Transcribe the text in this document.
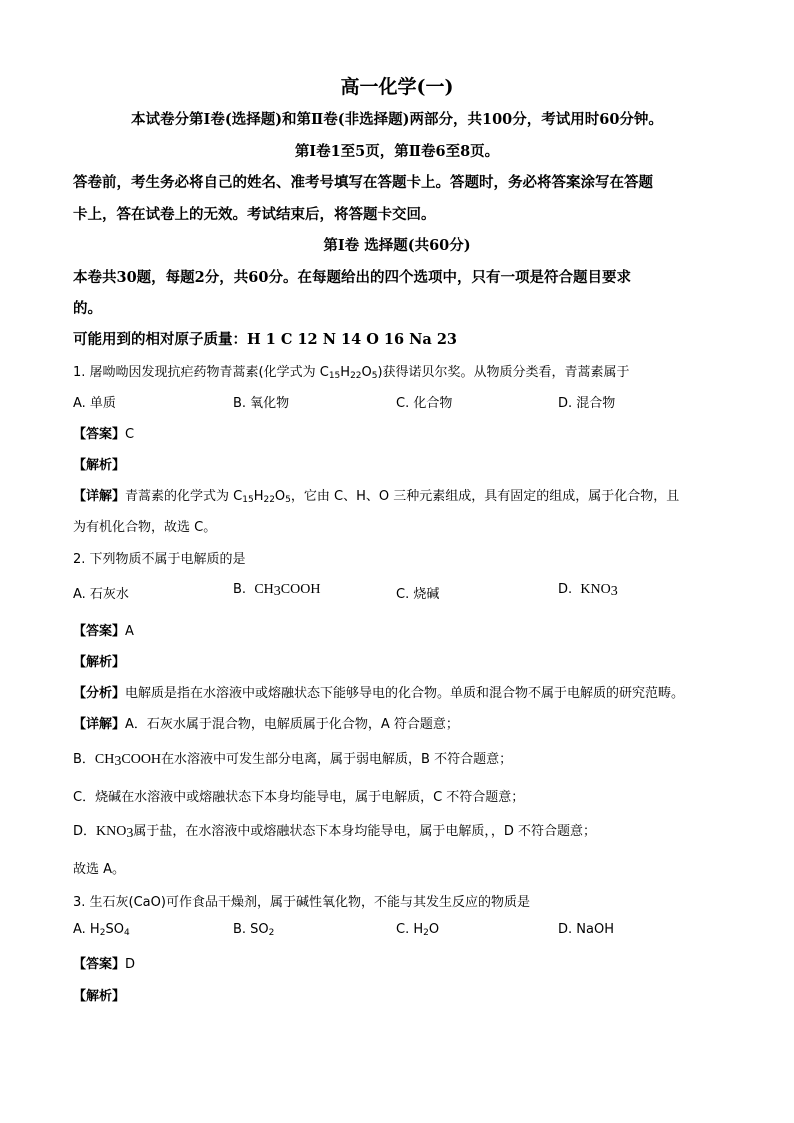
高一化学(一)
本试卷分第Ⅰ卷(选择题)和第Ⅱ卷(非选择题)两部分，共100分，考试用时60分钟。
第Ⅰ卷1至5页，第Ⅱ卷6至8页。
答卷前，考生务必将自己的姓名、准考号填写在答题卡上。答题时，务必将答案涂写在答题
卡上，答在试卷上的无效。考试结束后，将答题卡交回。
第Ⅰ卷 选择题(共60分)
本卷共30题，每题2分，共60分。在每题给出的四个选项中，只有一项是符合题目要求
的。
可能用到的相对原子质量：H 1 C 12 N 14 O 16 Na 23
1. 屠呦呦因发现抗疟药物青蒿素(化学式为 $C_{15}H_{22}O_5$)获得诺贝尔奖。从物质分类看，青蒿素属于
A. 单质	B. 氧化物	C. 化合物	D. 混合物
【答案】C
【解析】
【详解】青蒿素的化学式为 $C_{15}H_{22}O_5$，它由 C、H、O 三种元素组成，具有固定的组成，属于化合物，且
为有机化合物，故选 C。
2. 下列物质不属于电解质的是
A. 石灰水	B. $CH_3COOH$	C. 烧碱	D. $KNO_3$
【答案】A
【解析】
【分析】电解质是指在水溶液中或熔融状态下能够导电的化合物。单质和混合物不属于电解质的研究范畴。
【详解】A．石灰水属于混合物，电解质属于化合物，A 符合题意；
B．$CH_3COOH$在水溶液中可发生部分电离，属于弱电解质，B 不符合题意；
C．烧碱在水溶液中或熔融状态下本身均能导电，属于电解质，C 不符合题意；
D．$KNO_3$属于盐，在水溶液中或熔融状态下本身均能导电，属于电解质，，D 不符合题意；
故选 A。
3. 生石灰(CaO)可作食品干燥剂，属于碱性氧化物，不能与其发生反应的物质是
A. $H_2SO_4$	B. $SO_2$	C. $H_2O$	D. NaOH
【答案】D
【解析】
